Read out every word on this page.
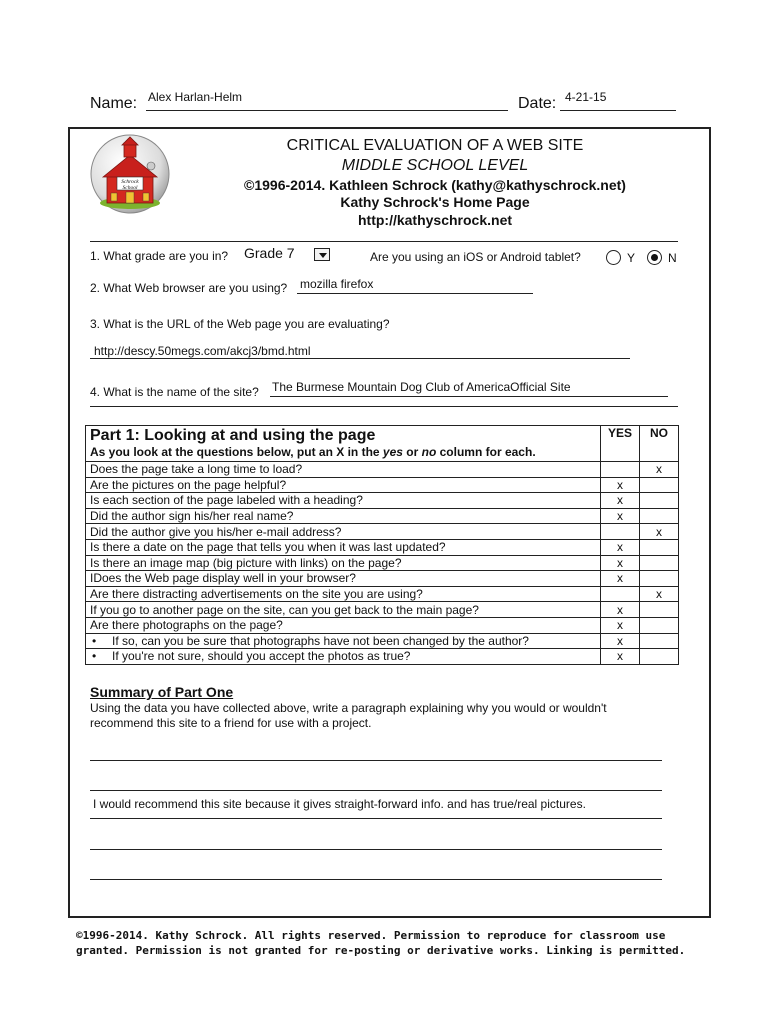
Name: Alex Harlan-Helm	Date: 4-21-15
Schrock
School
CRITICAL EVALUATION OF A WEB SITE
MIDDLE SCHOOL LEVEL
©1996-2014. Kathleen Schrock (kathy@kathyschrock.net)
Kathy Schrock's Home Page
http://kathyschrock.net
1. What grade are you in? Grade 7	Are you using an iOS or Android tablet?	Y	N
2. What Web browser are you using? mozilla firefox
3. What is the URL of the Web page you are evaluating?
http://descy.50megs.com/akcj3/bmd.html
4. What is the name of the site? The Burmese Mountain Dog Club of AmericaOfficial Site
Part 1: Looking at and using the page
As you look at the questions below, put an X in the yes or no column for each.	YES	NO
Does the page take a long time to load?		x
Are the pictures on the page helpful?	x	
Is each section of the page labeled with a heading?	x	
Did the author sign his/her real name?	x	
Did the author give you his/her e-mail address?		x
Is there a date on the page that tells you when it was last updated?	x	
Is there an image map (big picture with links) on the page?	x	
IDoes the Web page display well in your browser?	x	
Are there distracting advertisements on the site you are using?		x
If you go to another page on the site, can you get back to the main page?	x	
Are there photographs on the page?	x	
• If so, can you be sure that photographs have not been changed by the author?	x	
• If you're not sure, should you accept the photos as true?	x	
Summary of Part One
Using the data you have collected above, write a paragraph explaining why you would or wouldn't recommend this site to a friend for use with a project.
I would recommend this site because it gives straight-forward info. and has true/real pictures.
©1996-2014. Kathy Schrock. All rights reserved. Permission to reproduce for classroom use granted. Permission is not granted for re-posting or derivative works. Linking is permitted.
